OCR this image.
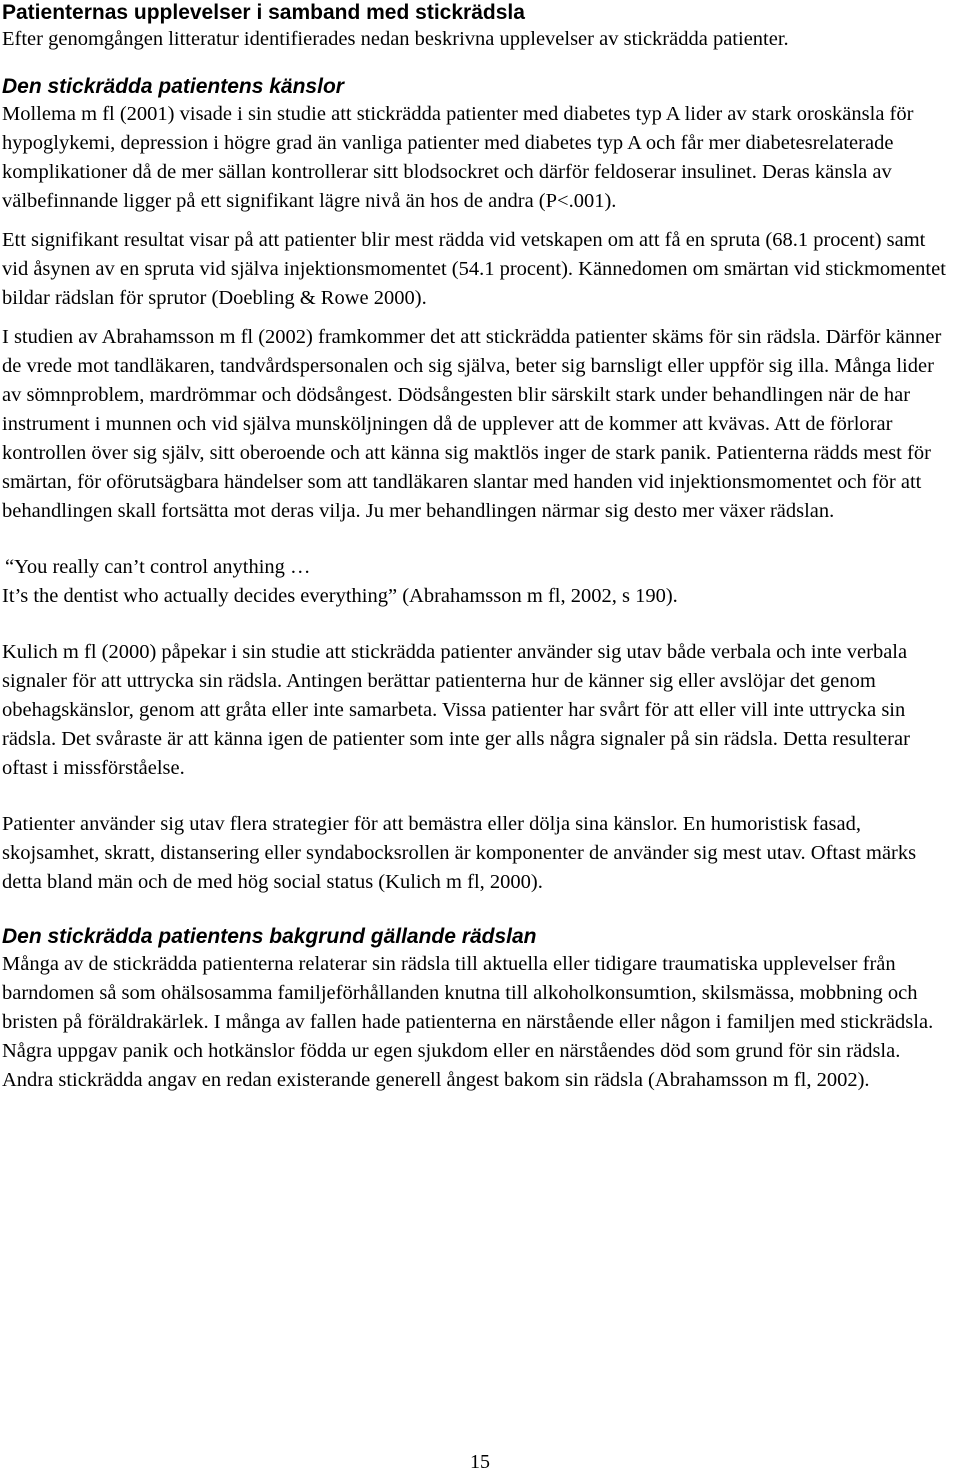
Patienternas upplevelser i samband med stickrädsla

Efter genomgången litteratur identifierades nedan beskrivna upplevelser av stickrädda patienter.

Den stickrädda patientens känslor

Mollema m fl (2001) visade i sin studie att stickrädda patienter med diabetes typ A lider av stark oroskänsla för hypoglykemi, depression i högre grad än vanliga patienter med diabetes typ A och får mer diabetesrelaterade komplikationer då de mer sällan kontrollerar sitt blodsockret och därför feldoserar insulinet. Deras känsla av välbefinnande ligger på ett signifikant lägre nivå än hos de andra (P<.001).

Ett signifikant resultat visar på att patienter blir mest rädda vid vetskapen om att få en spruta (68.1 procent) samt vid åsynen av en spruta vid själva injektionsmomentet (54.1 procent). Kännedomen om smärtan vid stickmomentet bildar rädslan för sprutor (Doebling & Rowe 2000).

I studien av Abrahamsson m fl (2002) framkommer det att stickrädda patienter skäms för sin rädsla. Därför känner de vrede mot tandläkaren, tandvårdspersonalen och sig själva, beter sig barnsligt eller uppför sig illa. Många lider av sömnproblem, mardrömmar och dödsångest. Dödsångesten blir särskilt stark under behandlingen när de har instrument i munnen och vid själva munsköljningen då de upplever att de kommer att kvävas. Att de förlorar kontrollen över sig själv, sitt oberoende och att känna sig maktlös inger de stark panik. Patienterna rädds mest för smärtan, för oförutsägbara händelser som att tandläkaren slantar med handen vid injektionsmomentet och för att behandlingen skall fortsätta mot deras vilja. Ju mer behandlingen närmar sig desto mer växer rädslan.

“You really can’t control anything …
It’s the dentist who actually decides everything” (Abrahamsson m fl, 2002, s 190).

Kulich m fl (2000) påpekar i sin studie att stickrädda patienter använder sig utav både verbala och inte verbala signaler för att uttrycka sin rädsla. Antingen berättar patienterna hur de känner sig eller avslöjar det genom obehagskänslor, genom att gråta eller inte samarbeta. Vissa patienter har svårt för att eller vill inte uttrycka sin rädsla. Det svåraste är att känna igen de patienter som inte ger alls några signaler på sin rädsla. Detta resulterar oftast i missförståelse.

Patienter använder sig utav flera strategier för att bemästra eller dölja sina känslor. En humoristisk fasad, skojsamhet, skratt, distansering eller syndabocksrollen är komponenter de använder sig mest utav. Oftast märks detta bland män och de med hög social status (Kulich m fl, 2000).

Den stickrädda patientens bakgrund gällande rädslan

Många av de stickrädda patienterna relaterar sin rädsla till aktuella eller tidigare traumatiska upplevelser från barndomen så som ohälsosamma familjeförhållanden knutna till alkoholkonsumtion, skilsmässa, mobbning och bristen på föräldrakärlek. I många av fallen hade patienterna en närstående eller någon i familjen med stickrädsla. Några uppgav panik och hotkänslor födda ur egen sjukdom eller en närståendes död som grund för sin rädsla. Andra stickrädda angav en redan existerande generell ångest bakom sin rädsla (Abrahamsson m fl, 2002).

15
